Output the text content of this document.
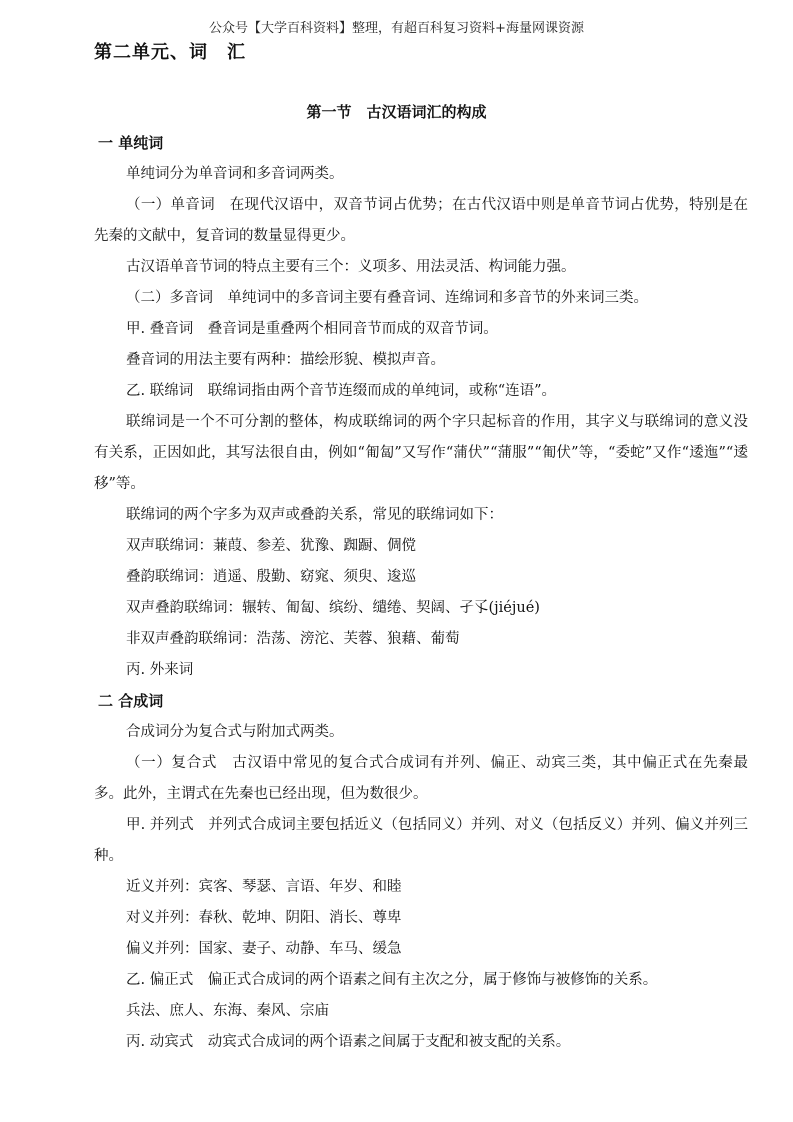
公众号【大学百科资料】整理，有超百科复习资料+海量网课资源
第二单元、词　汇
第一节　古汉语词汇的构成
一 单纯词

单纯词分为单音词和多音词两类。

（一）单音词　在现代汉语中，双音节词占优势；在古代汉语中则是单音节词占优势，特别是在先秦的文献中，复音词的数量显得更少。

古汉语单音节词的特点主要有三个：义项多、用法灵活、构词能力强。

（二）多音词　单纯词中的多音词主要有叠音词、连绵词和多音节的外来词三类。

甲. 叠音词　叠音词是重叠两个相同音节而成的双音节词。

叠音词的用法主要有两种：描绘形貌、模拟声音。

乙. 联绵词　联绵词指由两个音节连缀而成的单纯词，或称“连语”。

联绵词是一个不可分割的整体，构成联绵词的两个字只起标音的作用，其字义与联绵词的意义没有关系，正因如此，其写法很自由，例如“匍匐”又写作“蒲伏”“蒲服”“匍伏”等，“委蛇”又作“逶迤”“逶移”等。

联绵词的两个字多为双声或叠韵关系，常见的联绵词如下：

双声联绵词：蒹葭、参差、犹豫、踟蹰、倜傥

叠韵联绵词：逍遥、殷勤、窈窕、须臾、逡巡

双声叠韵联绵词：辗转、匍匐、缤纷、缱绻、契阔、孑孓(jiéjué)

非双声叠韵联绵词：浩荡、滂沱、芙蓉、狼藉、葡萄

丙. 外来词

二 合成词

合成词分为复合式与附加式两类。

（一）复合式　古汉语中常见的复合式合成词有并列、偏正、动宾三类，其中偏正式在先秦最多。此外，主谓式在先秦也已经出现，但为数很少。

甲. 并列式　并列式合成词主要包括近义（包括同义）并列、对义（包括反义）并列、偏义并列三种。

近义并列：宾客、琴瑟、言语、年岁、和睦

对义并列：春秋、乾坤、阴阳、消长、尊卑

偏义并列：国家、妻子、动静、车马、缓急

乙. 偏正式　偏正式合成词的两个语素之间有主次之分，属于修饰与被修饰的关系。

兵法、庶人、东海、秦风、宗庙

丙. 动宾式　动宾式合成词的两个语素之间属于支配和被支配的关系。
